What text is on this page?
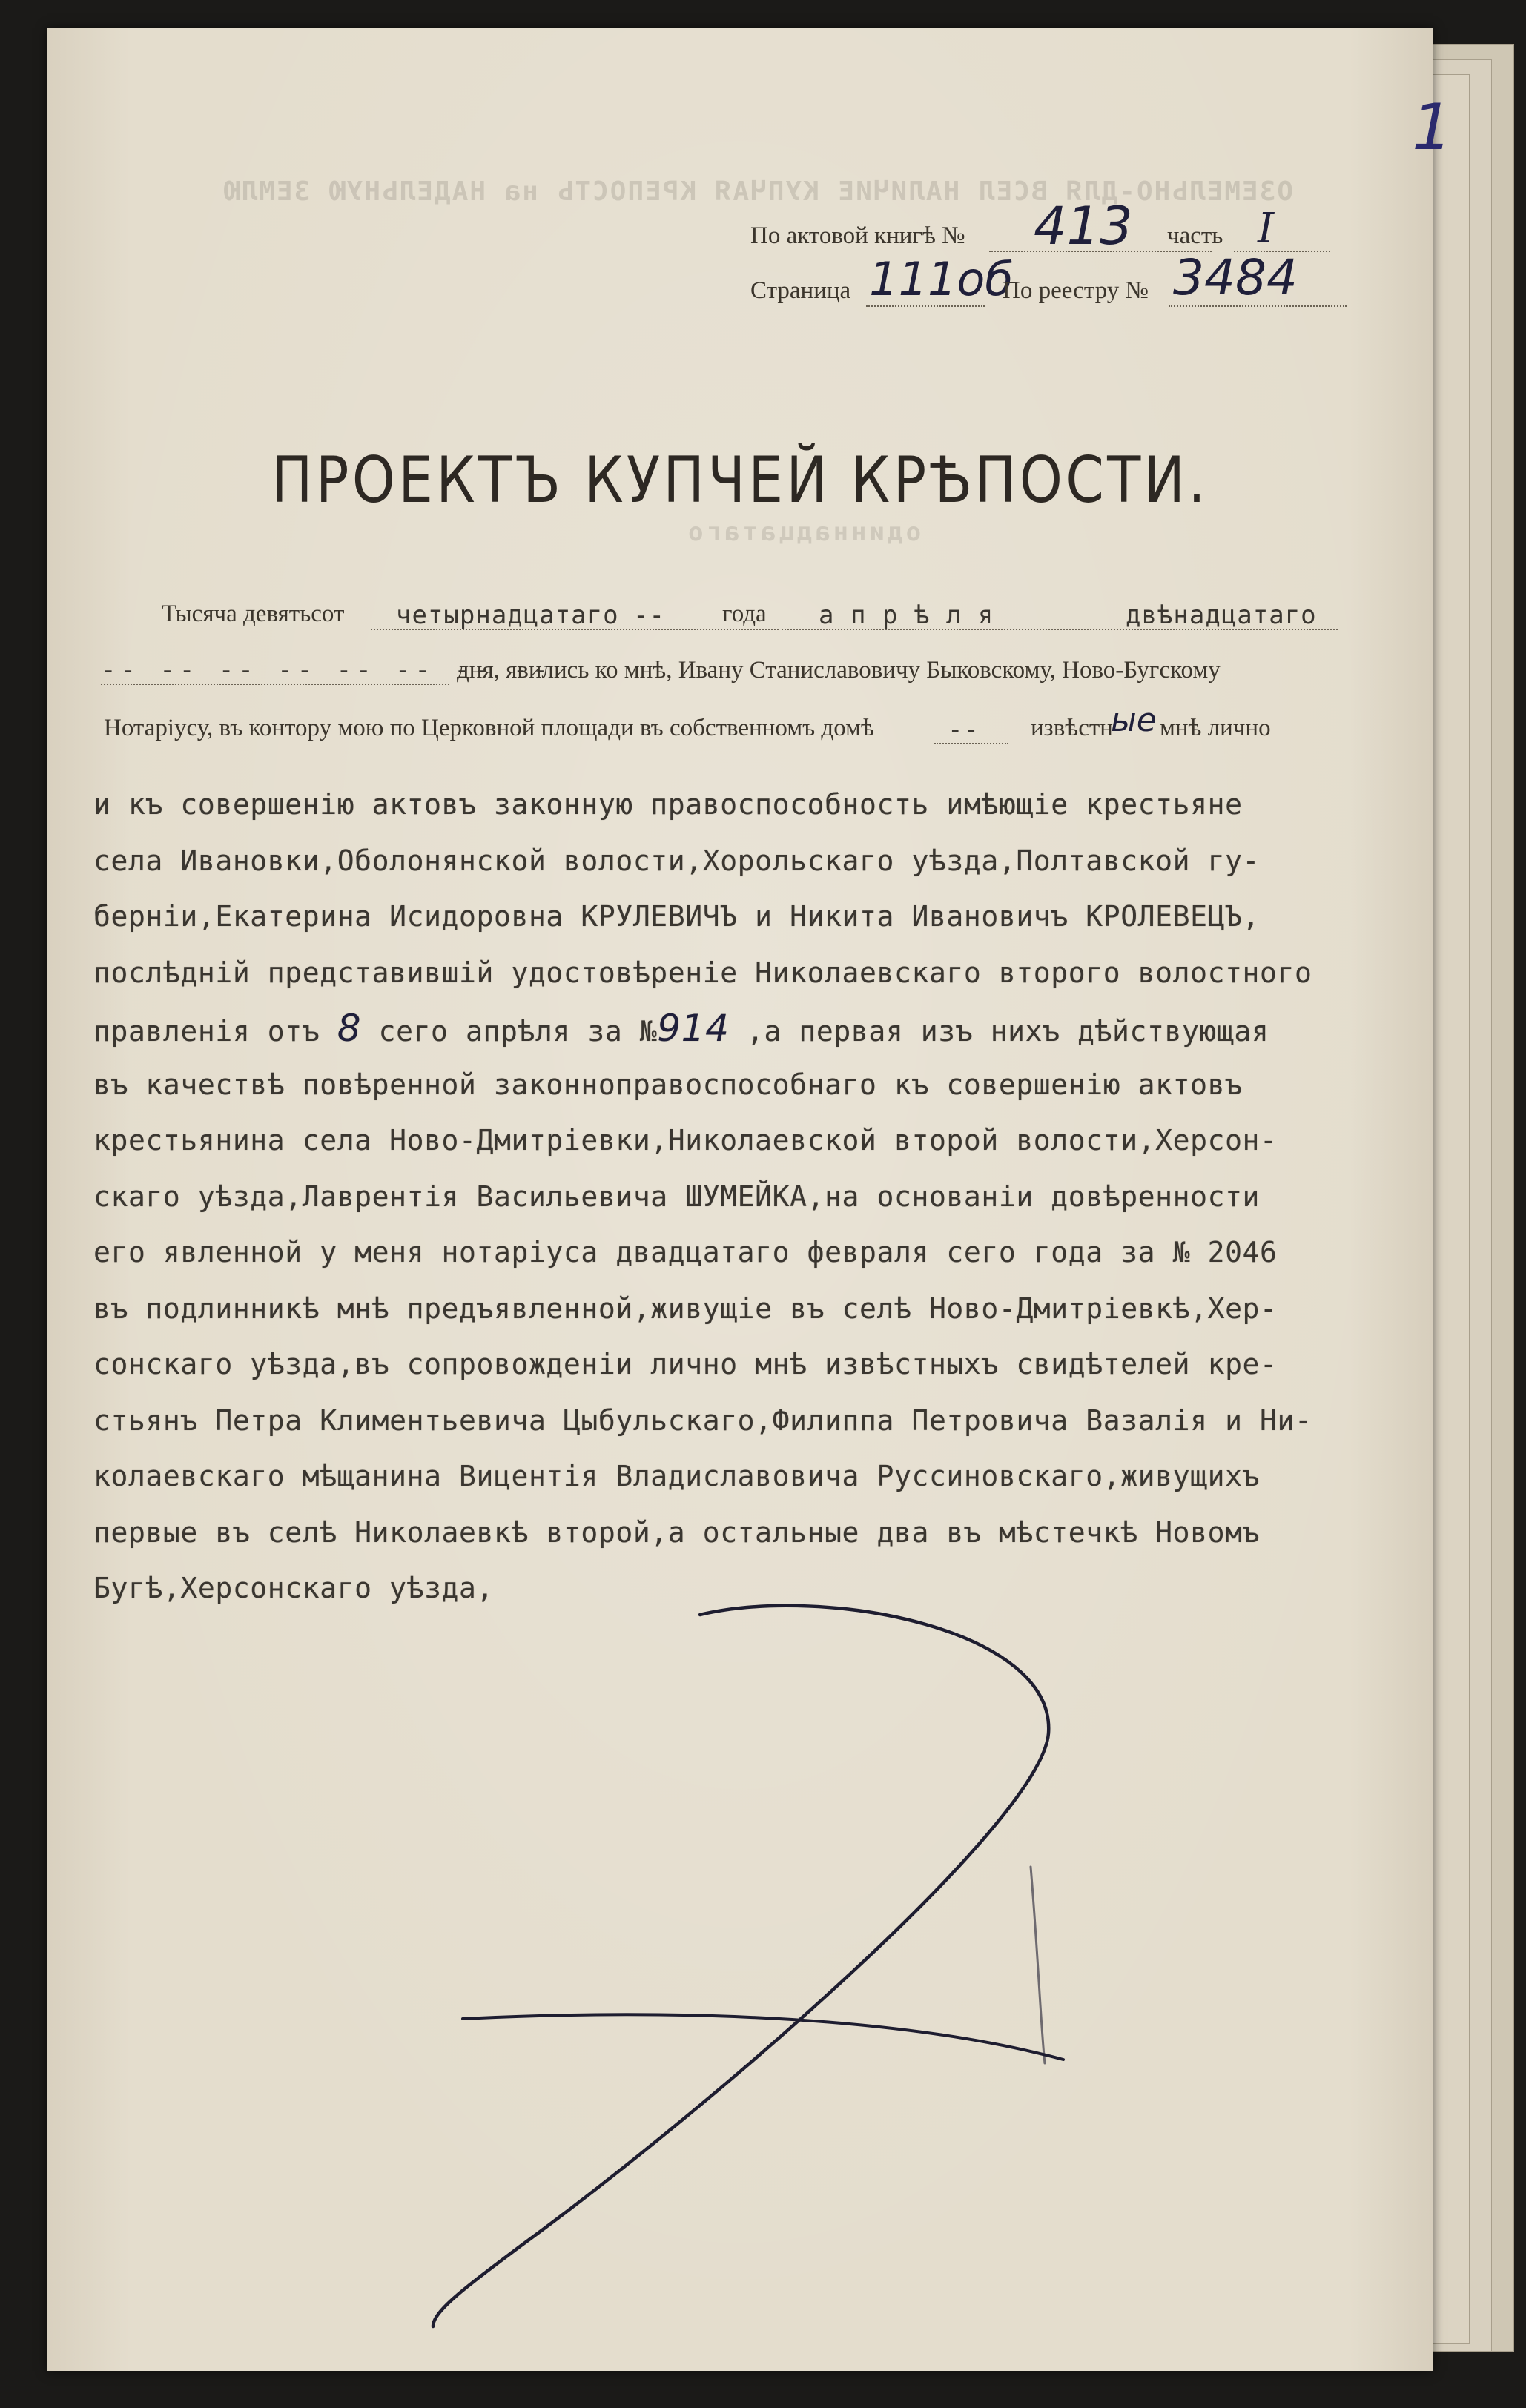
ОЗЕМЕЛЬНО-ДЛЯ ВСЕЛ НАЛИЧИЕ КУПЧАЯ КРЕПОСТЬ на НАДЕЛЬНУЮ ЗЕМЛЮ
одиннадцатаго
По актовой книгѣ № 413 часть I
Страница 111об
По реестру № 3484
ПРОЕКТЪ КУПЧЕЙ КРѢПОСТИ.
Тысяча девятьсот четырнадцатаго -- года а п р ѣ л я	двѣнадцатаго
-- -- -- -- -- -- -- --
дня, явились ко мнѣ, Ивану Станиславовичу Быковскому, Ново-Бугскому
Нотаріусу, въ контору мою по Церковной площади въ собственномъ домѣ	-- извѣстн
ые мнѣ лично
и къ совершенію актовъ законную правоспособность имѣющіе крестьяне
села Ивановки,Оболонянской волости,Хорольскаго уѣзда,Полтавской гу-
берніи,Екатерина Исидоровна КРУЛЕВИЧЪ и Никита Ивановичъ КРОЛЕВЕЦЪ,
послѣдній представившій удостовѣреніе Николаевскаго второго волостного
правленія отъ 8 сего апрѣля за №914 ,а первая изъ нихъ дѣйствующая
въ качествѣ повѣренной законноправоспособнаго къ совершенію актовъ
крестьянина села Ново-Дмитріевки,Николаевской второй волости,Херсон-
скаго уѣзда,Лаврентія Васильевича ШУМЕЙКА,на основаніи довѣренности
его явленной у меня нотаріуса двадцатаго февраля сего года за № 2046
въ подлинникѣ мнѣ предъявленной,живущіе въ селѣ Ново-Дмитріевкѣ,Хер-
сонскаго уѣзда,въ сопровожденіи лично мнѣ извѣстныхъ свидѣтелей кре-
стьянъ Петра Климентьевича Цыбульскаго,Филиппа Петровича Вазалія и Ни-
колаевскаго мѣщанина Вицентія Владиславовича Руссиновскаго,живущихъ
первые въ селѣ Николаевкѣ второй,а остальные два въ мѣстечкѣ Новомъ
Бугѣ,Херсонскаго уѣзда,
1
